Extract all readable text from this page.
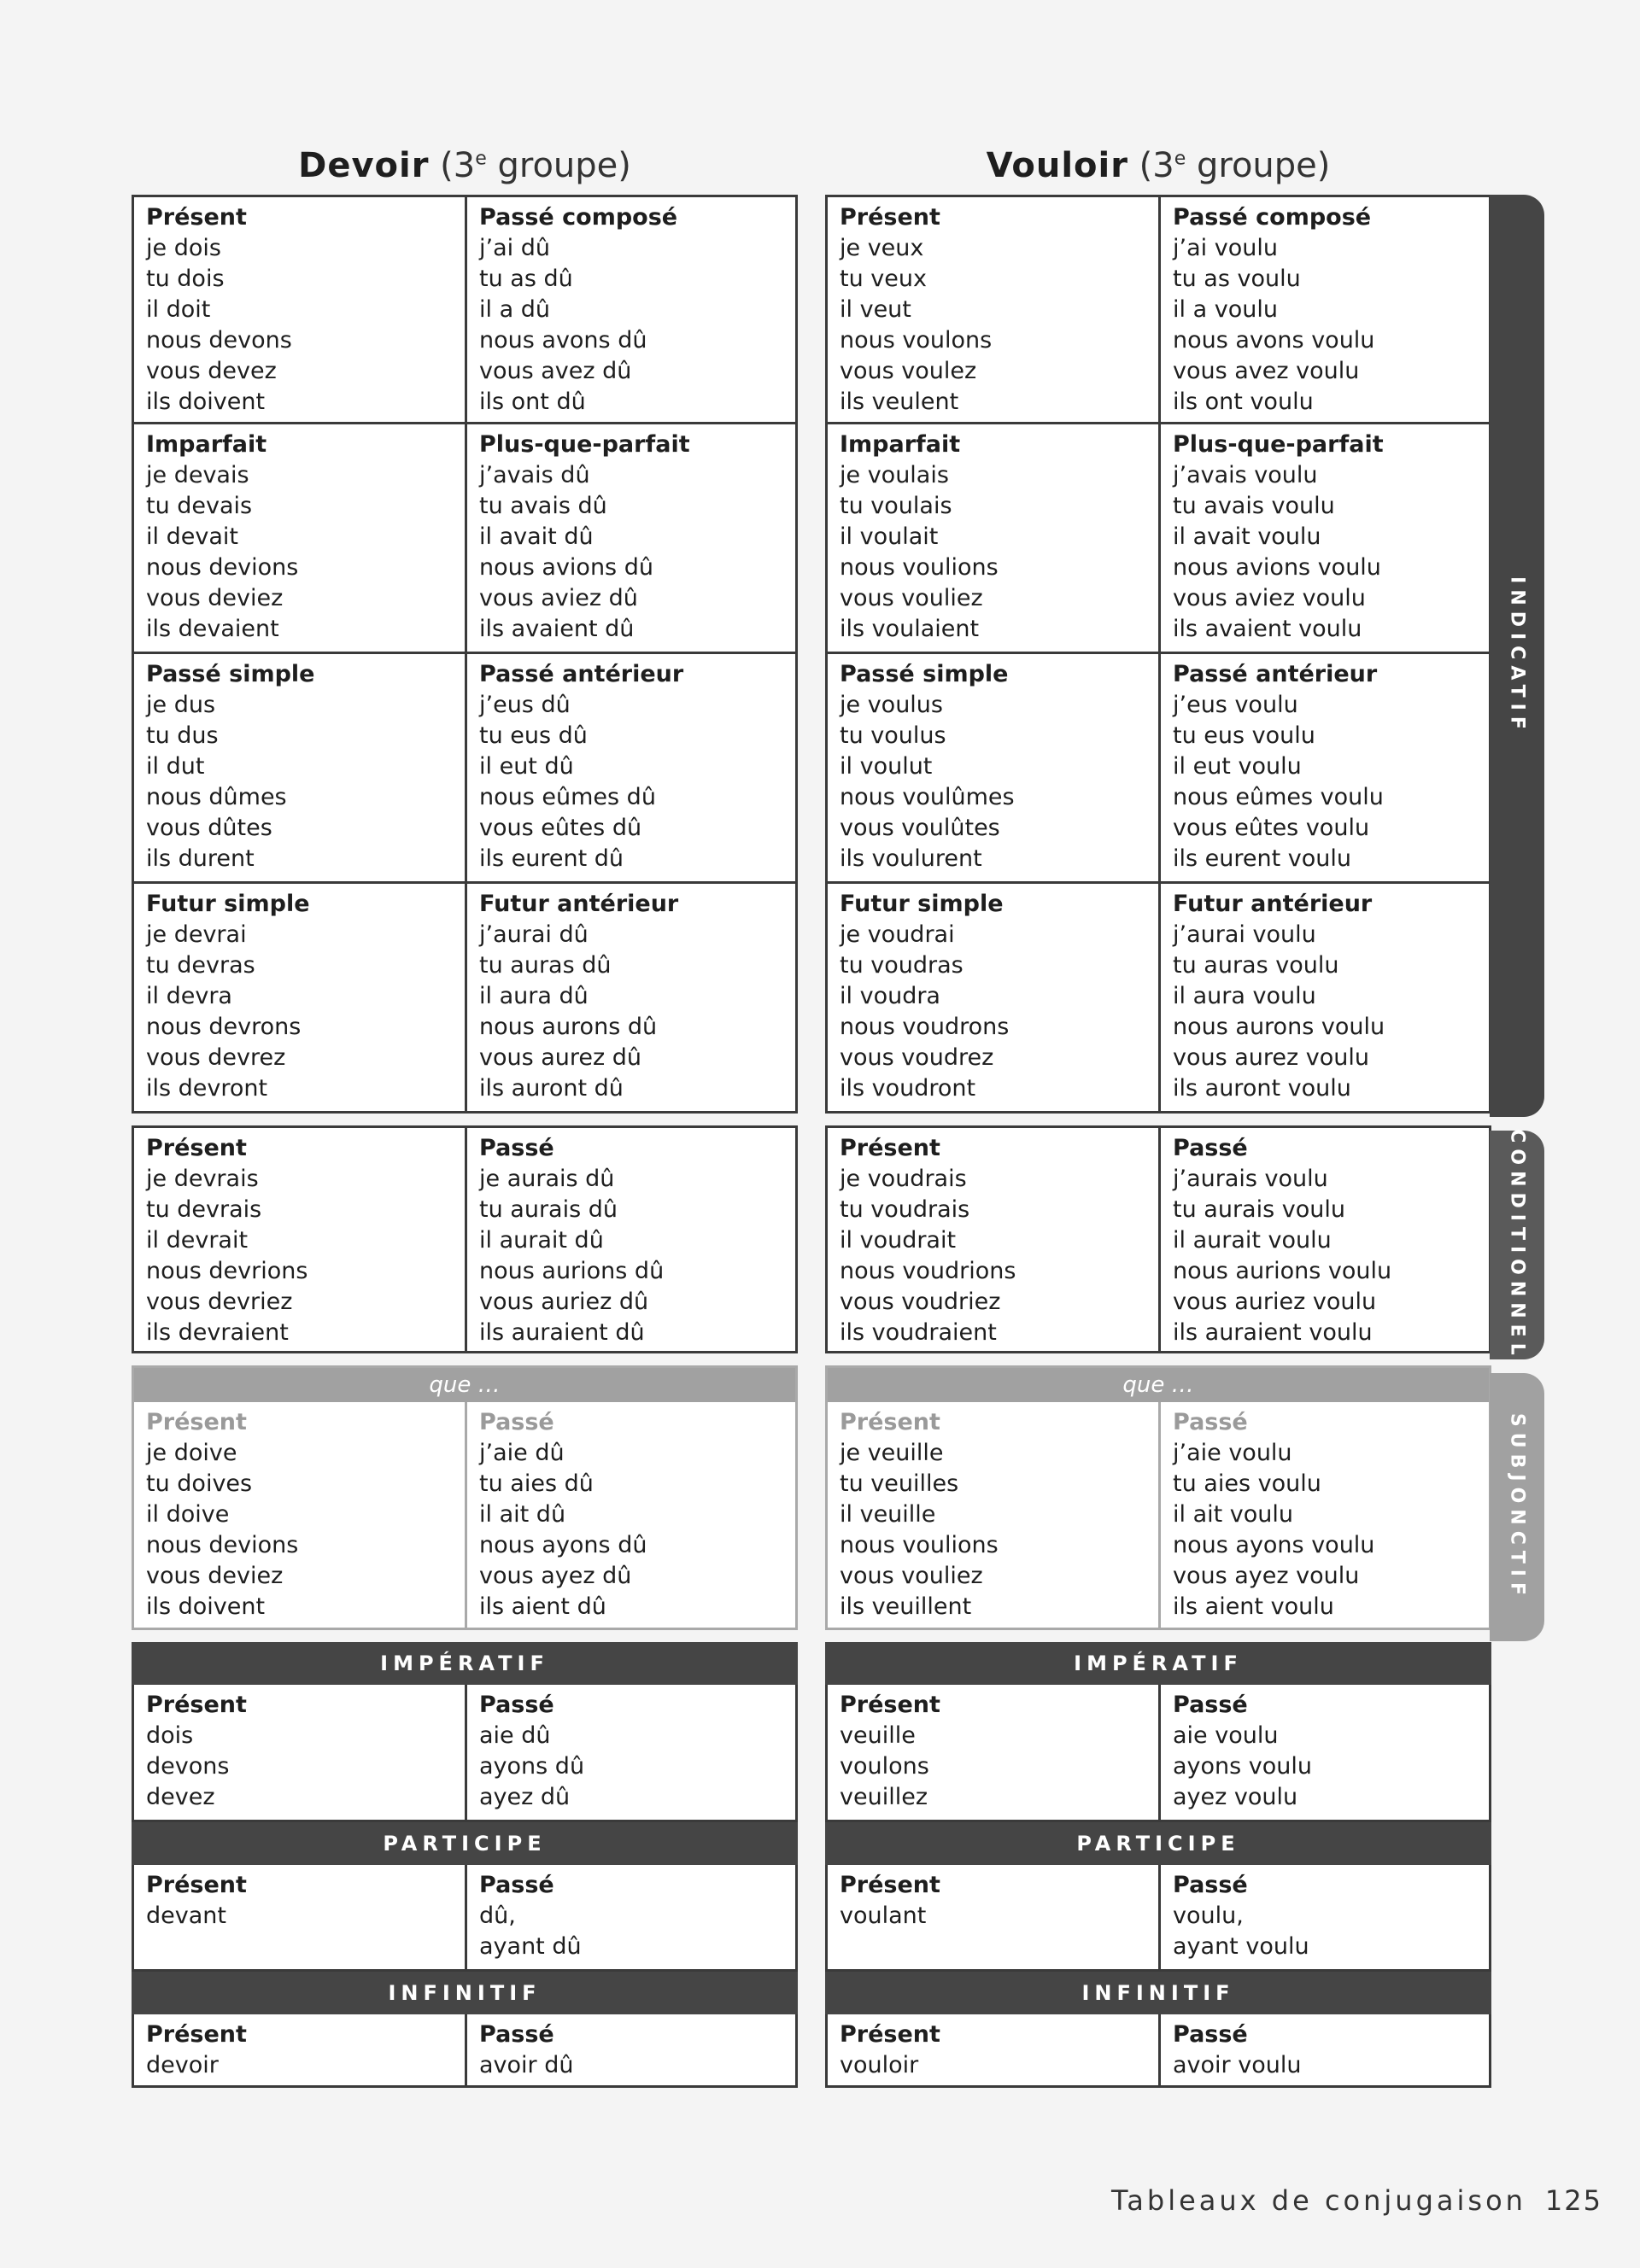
Devoir (3e groupe)
Présent
je dois
tu dois
il doit
nous devons
vous devez
ils doivent
Passé composé
j’ai dû
tu as dû
il a dû
nous avons dû
vous avez dû
ils ont dû
Imparfait
je devais
tu devais
il devait
nous devions
vous deviez
ils devaient
Plus-que-parfait
j’avais dû
tu avais dû
il avait dû
nous avions dû
vous aviez dû
ils avaient dû
Passé simple
je dus
tu dus
il dut
nous dûmes
vous dûtes
ils durent
Passé antérieur
j’eus dû
tu eus dû
il eut dû
nous eûmes dû
vous eûtes dû
ils eurent dû
Futur simple
je devrai
tu devras
il devra
nous devrons
vous devrez
ils devront
Futur antérieur
j’aurai dû
tu auras dû
il aura dû
nous aurons dû
vous aurez dû
ils auront dû
Présent
je devrais
tu devrais
il devrait
nous devrions
vous devriez
ils devraient
Passé
je aurais dû
tu aurais dû
il aurait dû
nous aurions dû
vous auriez dû
ils auraient dû
que …
Présent
je doive
tu doives
il doive
nous devions
vous deviez
ils doivent
Passé
j’aie dû
tu aies dû
il ait dû
nous ayons dû
vous ayez dû
ils aient dû
IMPÉRATIF
Présent
dois
devons
devez
Passé
aie dû
ayons dû
ayez dû
PARTICIPE
Présent
devant
Passé
dû,
ayant dû
INFINITIF
Présent
devoir
Passé
avoir dû
Vouloir (3e groupe)
Présent
je veux
tu veux
il veut
nous voulons
vous voulez
ils veulent
Passé composé
j’ai voulu
tu as voulu
il a voulu
nous avons voulu
vous avez voulu
ils ont voulu
Imparfait
je voulais
tu voulais
il voulait
nous voulions
vous vouliez
ils voulaient
Plus-que-parfait
j’avais voulu
tu avais voulu
il avait voulu
nous avions voulu
vous aviez voulu
ils avaient voulu
Passé simple
je voulus
tu voulus
il voulut
nous voulûmes
vous voulûtes
ils voulurent
Passé antérieur
j’eus voulu
tu eus voulu
il eut voulu
nous eûmes voulu
vous eûtes voulu
ils eurent voulu
Futur simple
je voudrai
tu voudras
il voudra
nous voudrons
vous voudrez
ils voudront
Futur antérieur
j’aurai voulu
tu auras voulu
il aura voulu
nous aurons voulu
vous aurez voulu
ils auront voulu
Présent
je voudrais
tu voudrais
il voudrait
nous voudrions
vous voudriez
ils voudraient
Passé
j’aurais voulu
tu aurais voulu
il aurait voulu
nous aurions voulu
vous auriez voulu
ils auraient voulu
que …
Présent
je veuille
tu veuilles
il veuille
nous voulions
vous vouliez
ils veuillent
Passé
j’aie voulu
tu aies voulu
il ait voulu
nous ayons voulu
vous ayez voulu
ils aient voulu
IMPÉRATIF
Présent
veuille
voulons
veuillez
Passé
aie voulu
ayons voulu
ayez voulu
PARTICIPE
Présent
voulant
Passé
voulu,
ayant voulu
INFINITIF
Présent
vouloir
Passé
avoir voulu
INDICATIF
CONDITIONNEL
SUBJONCTIF
Tableaux de conjugaison 125
